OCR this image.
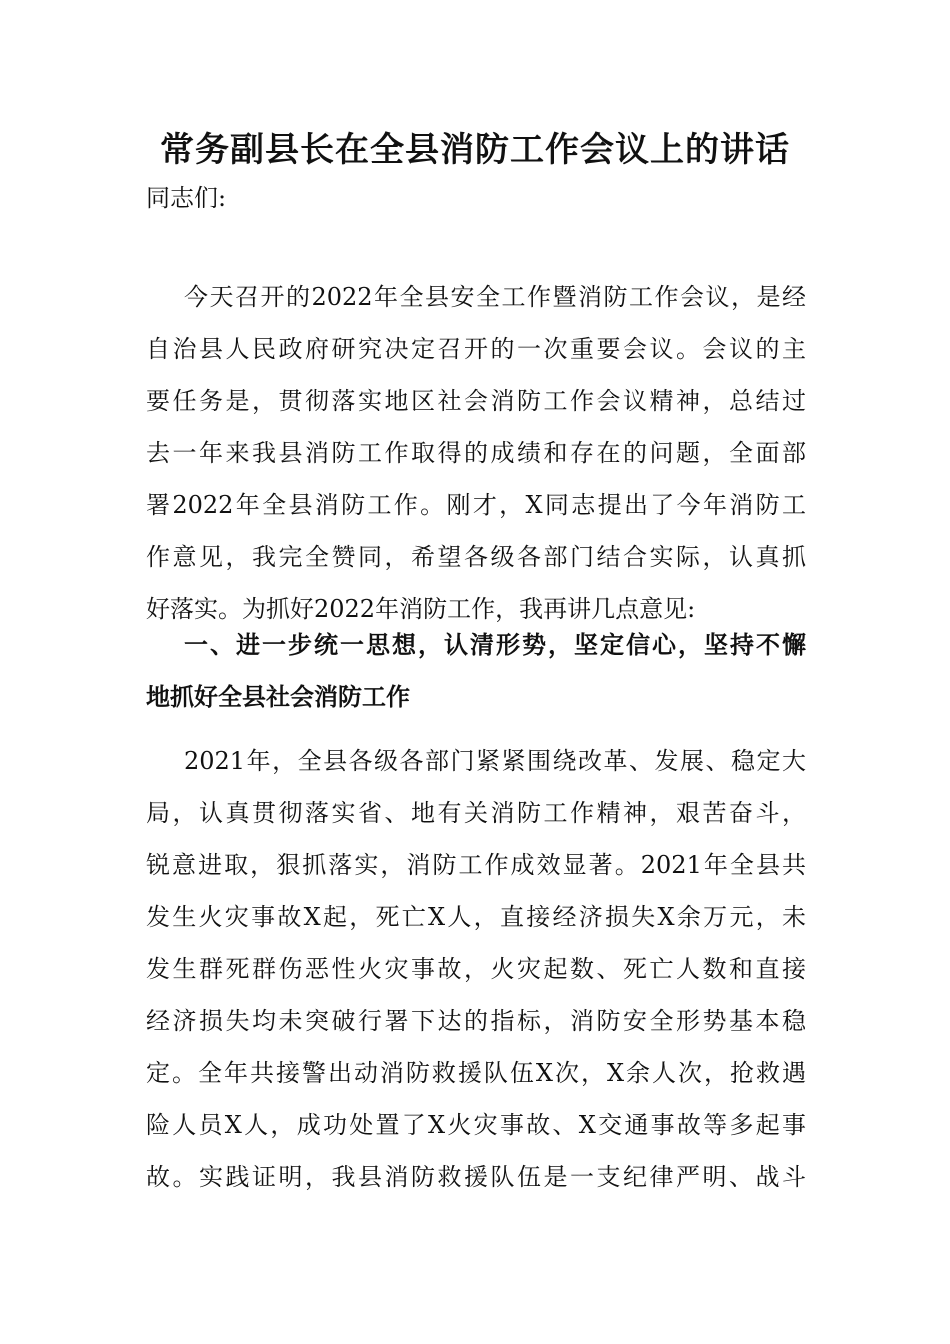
常务副县长在全县消防工作会议上的讲话
同志们:
今天召开的2022年全县安全工作暨消防工作会议，是经
自治县人民政府研究决定召开的一次重要会议。会议的主
要任务是，贯彻落实地区社会消防工作会议精神，总结过
去一年来我县消防工作取得的成绩和存在的问题，全面部
署2022年全县消防工作。刚才，X同志提出了今年消防工
作意见，我完全赞同，希望各级各部门结合实际，认真抓
好落实。为抓好2022年消防工作，我再讲几点意见:
一、进一步统一思想，认清形势，坚定信心，坚持不懈
地抓好全县社会消防工作
2021年，全县各级各部门紧紧围绕改革、发展、稳定大
局，认真贯彻落实省、地有关消防工作精神，艰苦奋斗，
锐意进取，狠抓落实，消防工作成效显著。2021年全县共
发生火灾事故X起，死亡X人，直接经济损失X余万元，未
发生群死群伤恶性火灾事故，火灾起数、死亡人数和直接
经济损失均未突破行署下达的指标，消防安全形势基本稳
定。全年共接警出动消防救援队伍X次，X余人次，抢救遇
险人员X人，成功处置了X火灾事故、X交通事故等多起事
故。实践证明，我县消防救援队伍是一支纪律严明、战斗
